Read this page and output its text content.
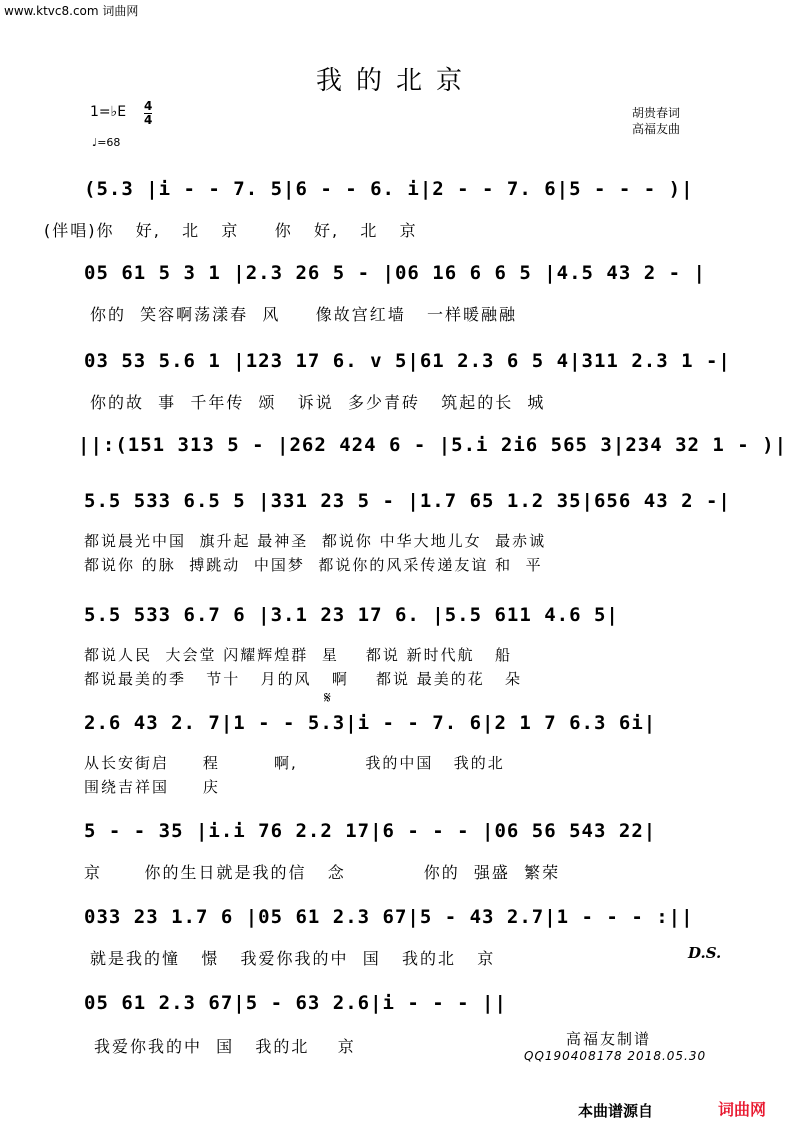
www.ktvc8.com 词曲网
我的北京
1=♭E 4
4
♩=68
胡贵春词
高福友曲
(5.3 |i - - 7. 5|6 - - 6. i|2 - - 7. 6|5 - - - )|
(伴唱)你   好,   北   京     你   好,   北   京
05 61 5 3 1 |2.3 26 5 - |06 16 6 6 5 |4.5 43 2 - |
你的  笑容啊荡漾春  风     像故宫红墙   一样暖融融
03 53 5.6 1 |123 17 6. v 5|61 2.3 6 5 4|311 2.3 1 -|
你的故  事  千年传  颂   诉说  多少青砖   筑起的长  城
||:(151 313 5 - |262 424 6 - |5.i 2i6 565 3|234 32 1 - )|
5.5 533 6.5 5 |331 23 5 - |1.7 65 1.2 35|656 43 2 -|
都说晨光中国  旗升起 最神圣  都说你 中华大地儿女  最赤诚
都说你 的脉  搏跳动  中国梦  都说你的风采传递友谊 和  平
5.5 533 6.7 6 |3.1 23 17 6. |5.5 611 4.6 5|
都说人民  大会堂 闪耀辉煌群  星    都说 新时代航   船
都说最美的季   节十   月的风   啊    都说 最美的花   朵
𝄋
2.6 43 2. 7|1 - - 5.3|i - - 7. 6|2 1 7 6.3 6i|
从长安街启     程        啊,          我的中国   我的北
围绕吉祥国     庆
5 - - 35 |i.i 76 2.2 17|6 - - - |06 56 543 22|
京      你的生日就是我的信   念           你的  强盛  繁荣
033 23 1.7 6 |05 61 2.3 67|5 - 43 2.7|1 - - - :||
就是我的憧   憬   我爱你我的中  国   我的北   京	D.S.
05 61 2.3 67|5 - 63 2.6|i - - - ||
我爱你我的中  国   我的北    京	高福友制谱
QQ190408178 2018.05.30
本曲谱源自	词曲网
